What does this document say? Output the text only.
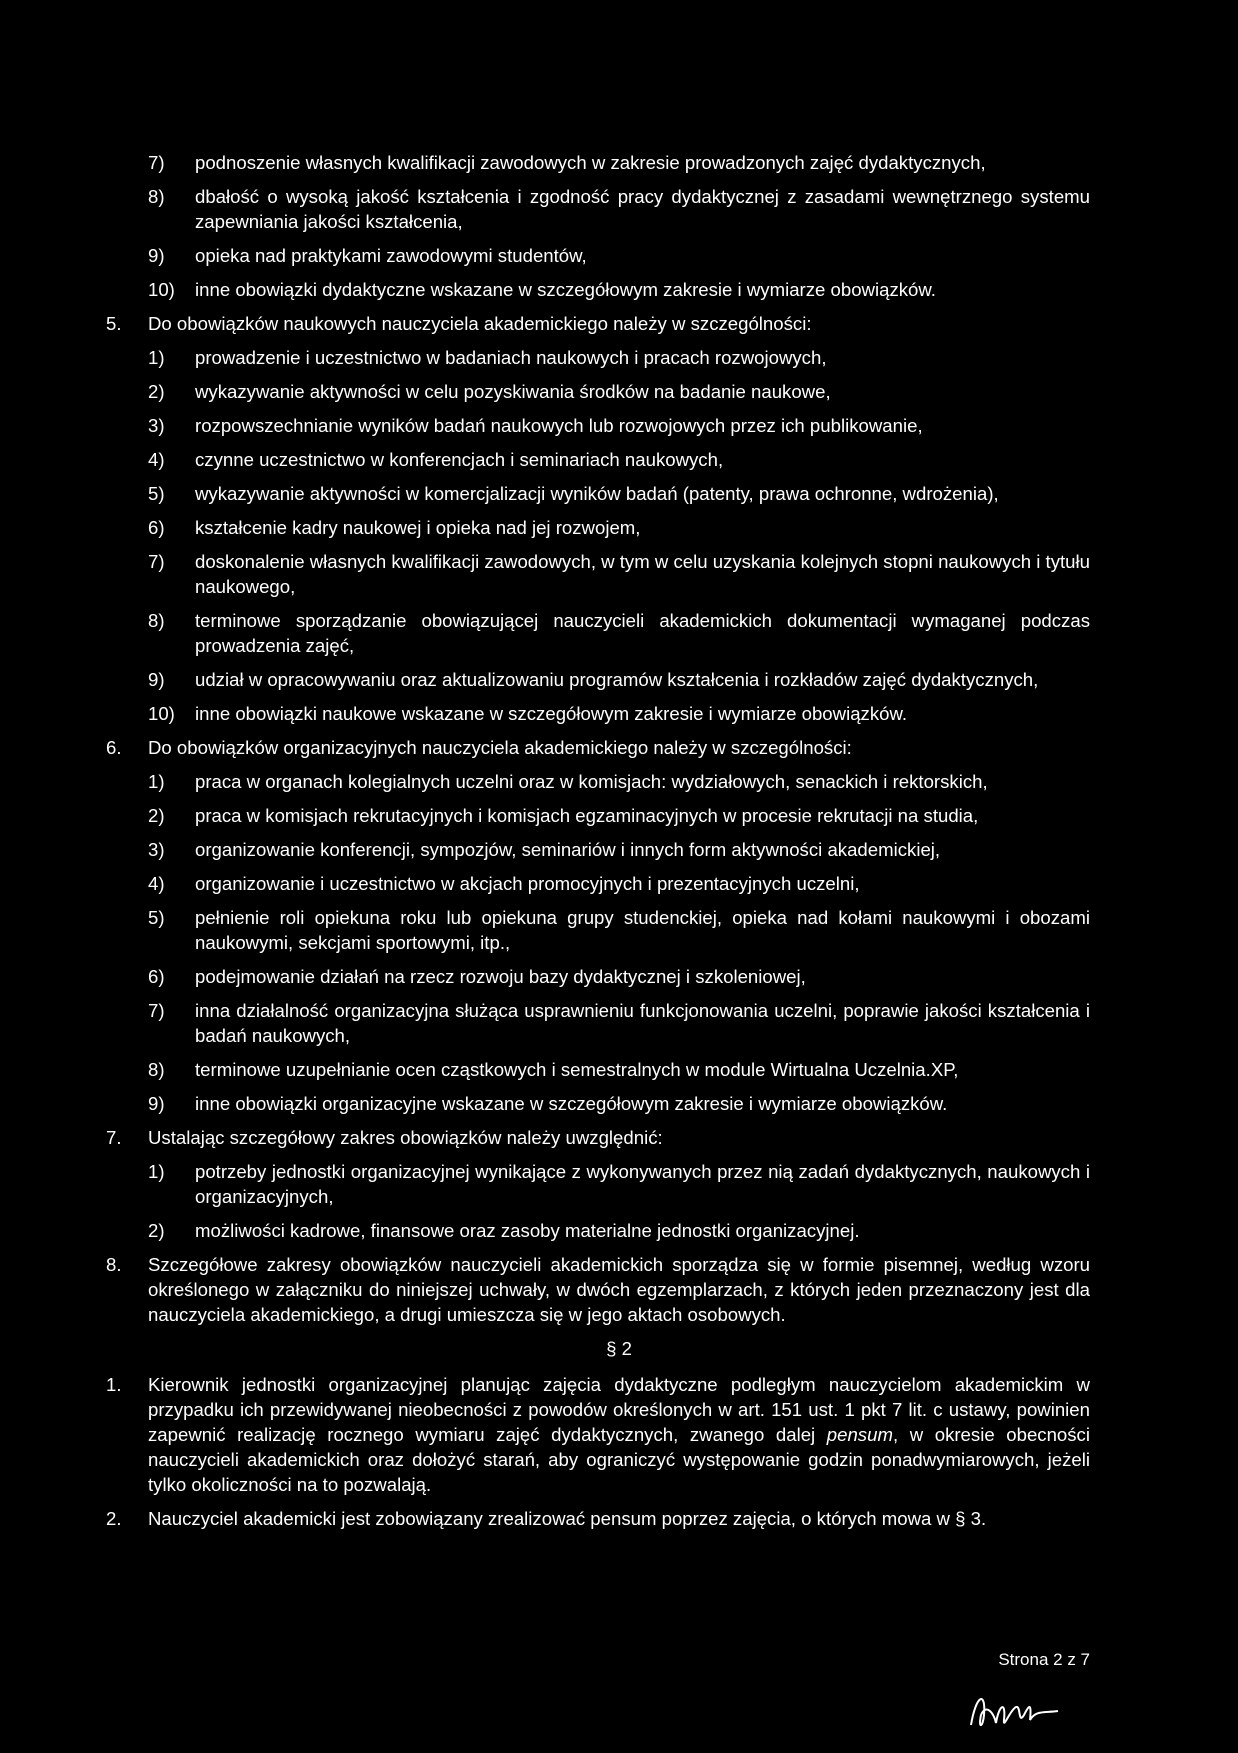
7)	podnoszenie własnych kwalifikacji zawodowych w zakresie prowadzonych zajęć dydaktycznych,
8)	dbałość o wysoką jakość kształcenia i zgodność pracy dydaktycznej z zasadami wewnętrznego systemu zapewniania jakości kształcenia,
9)	opieka nad praktykami zawodowymi studentów,
10)	inne obowiązki dydaktyczne wskazane w szczegółowym zakresie i wymiarze obowiązków.
5.	Do obowiązków naukowych nauczyciela akademickiego należy w szczególności:
1)	prowadzenie i uczestnictwo w badaniach naukowych i pracach rozwojowych,
2)	wykazywanie aktywności w celu pozyskiwania środków na badanie naukowe,
3)	rozpowszechnianie wyników badań naukowych lub rozwojowych przez ich publikowanie,
4)	czynne uczestnictwo w konferencjach i seminariach naukowych,
5)	wykazywanie aktywności w komercjalizacji wyników badań (patenty, prawa ochronne, wdrożenia),
6)	kształcenie kadry naukowej i opieka nad jej rozwojem,
7)	doskonalenie własnych kwalifikacji zawodowych, w tym w celu uzyskania kolejnych stopni naukowych i tytułu naukowego,
8)	terminowe sporządzanie obowiązującej nauczycieli akademickich dokumentacji wymaganej podczas prowadzenia zajęć,
9)	udział w opracowywaniu oraz aktualizowaniu programów kształcenia i rozkładów zajęć dydaktycznych,
10)	inne obowiązki naukowe wskazane w szczegółowym zakresie i wymiarze obowiązków.
6.	Do obowiązków organizacyjnych nauczyciela akademickiego należy w szczególności:
1)	praca w organach kolegialnych uczelni oraz w komisjach: wydziałowych, senackich i rektorskich,
2)	praca w komisjach rekrutacyjnych i komisjach egzaminacyjnych w procesie rekrutacji na studia,
3)	organizowanie konferencji, sympozjów, seminariów i innych form aktywności akademickiej,
4)	organizowanie i uczestnictwo w akcjach promocyjnych i prezentacyjnych uczelni,
5)	pełnienie roli opiekuna roku lub opiekuna grupy studenckiej, opieka nad kołami naukowymi i obozami naukowymi, sekcjami sportowymi, itp.,
6)	podejmowanie działań na rzecz rozwoju bazy dydaktycznej i szkoleniowej,
7)	inna działalność organizacyjna służąca usprawnieniu funkcjonowania uczelni, poprawie jakości kształcenia i badań naukowych,
8)	terminowe uzupełnianie ocen cząstkowych i semestralnych w module Wirtualna Uczelnia.XP,
9)	inne obowiązki organizacyjne wskazane w szczegółowym zakresie i wymiarze obowiązków.
7.	Ustalając szczegółowy zakres obowiązków należy uwzględnić:
1)	potrzeby jednostki organizacyjnej wynikające z wykonywanych przez nią zadań dydaktycznych, naukowych i organizacyjnych,
2)	możliwości kadrowe, finansowe oraz zasoby materialne jednostki organizacyjnej.
8.	Szczegółowe zakresy obowiązków nauczycieli akademickich sporządza się w formie pisemnej, według wzoru określonego w załączniku do niniejszej uchwały, w dwóch egzemplarzach, z których jeden przeznaczony jest dla nauczyciela akademickiego, a drugi umieszcza się w jego aktach osobowych.
§ 2
1.	Kierownik jednostki organizacyjnej planując zajęcia dydaktyczne podległym nauczycielom akademickim w przypadku ich przewidywanej nieobecności z powodów określonych w art. 151 ust. 1 pkt 7 lit. c ustawy, powinien zapewnić realizację rocznego wymiaru zajęć dydaktycznych, zwanego dalej pensum, w okresie obecności nauczycieli akademickich oraz dołożyć starań, aby ograniczyć występowanie godzin ponadwymiarowych, jeżeli tylko okoliczności na to pozwalają.
2.	Nauczyciel akademicki jest zobowiązany zrealizować pensum poprzez zajęcia, o których mowa w § 3.
Strona 2 z 7
